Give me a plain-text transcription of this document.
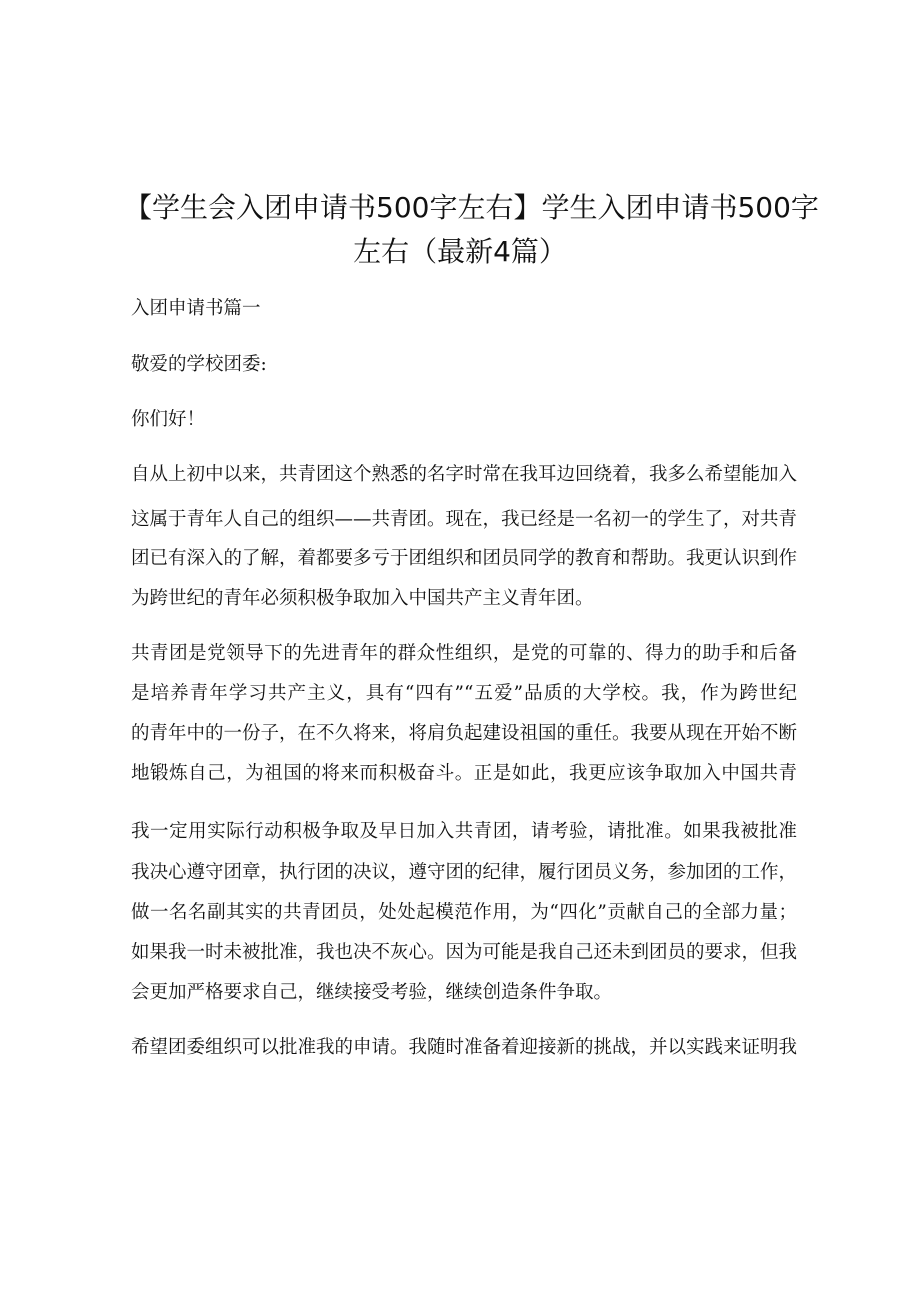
【学生会入团申请书500字左右】学生入团申请书500字
左右（最新4篇）
入团申请书篇一
敬爱的学校团委:
你们好！
自从上初中以来，共青团这个熟悉的名字时常在我耳边回绕着，我多么希望能加入
这属于青年人自己的组织——共青团。现在，我已经是一名初一的学生了，对共青
团已有深入的了解，着都要多亏于团组织和团员同学的教育和帮助。我更认识到作
为跨世纪的青年必须积极争取加入中国共产主义青年团。
共青团是党领导下的先进青年的群众性组织，是党的可靠的、得力的助手和后备
是培养青年学习共产主义，具有“四有”“五爱”品质的大学校。我，作为跨世纪
的青年中的一份子，在不久将来，将肩负起建设祖国的重任。我要从现在开始不断
地锻炼自己，为祖国的将来而积极奋斗。正是如此，我更应该争取加入中国共青
我一定用实际行动积极争取及早日加入共青团，请考验，请批准。如果我被批准
我决心遵守团章，执行团的决议，遵守团的纪律，履行团员义务，参加团的工作，
做一名名副其实的共青团员，处处起模范作用，为“四化”贡献自己的全部力量；
如果我一时未被批准，我也决不灰心。因为可能是我自己还未到团员的要求，但我
会更加严格要求自己，继续接受考验，继续创造条件争取。
希望团委组织可以批准我的申请。我随时准备着迎接新的挑战，并以实践来证明我
